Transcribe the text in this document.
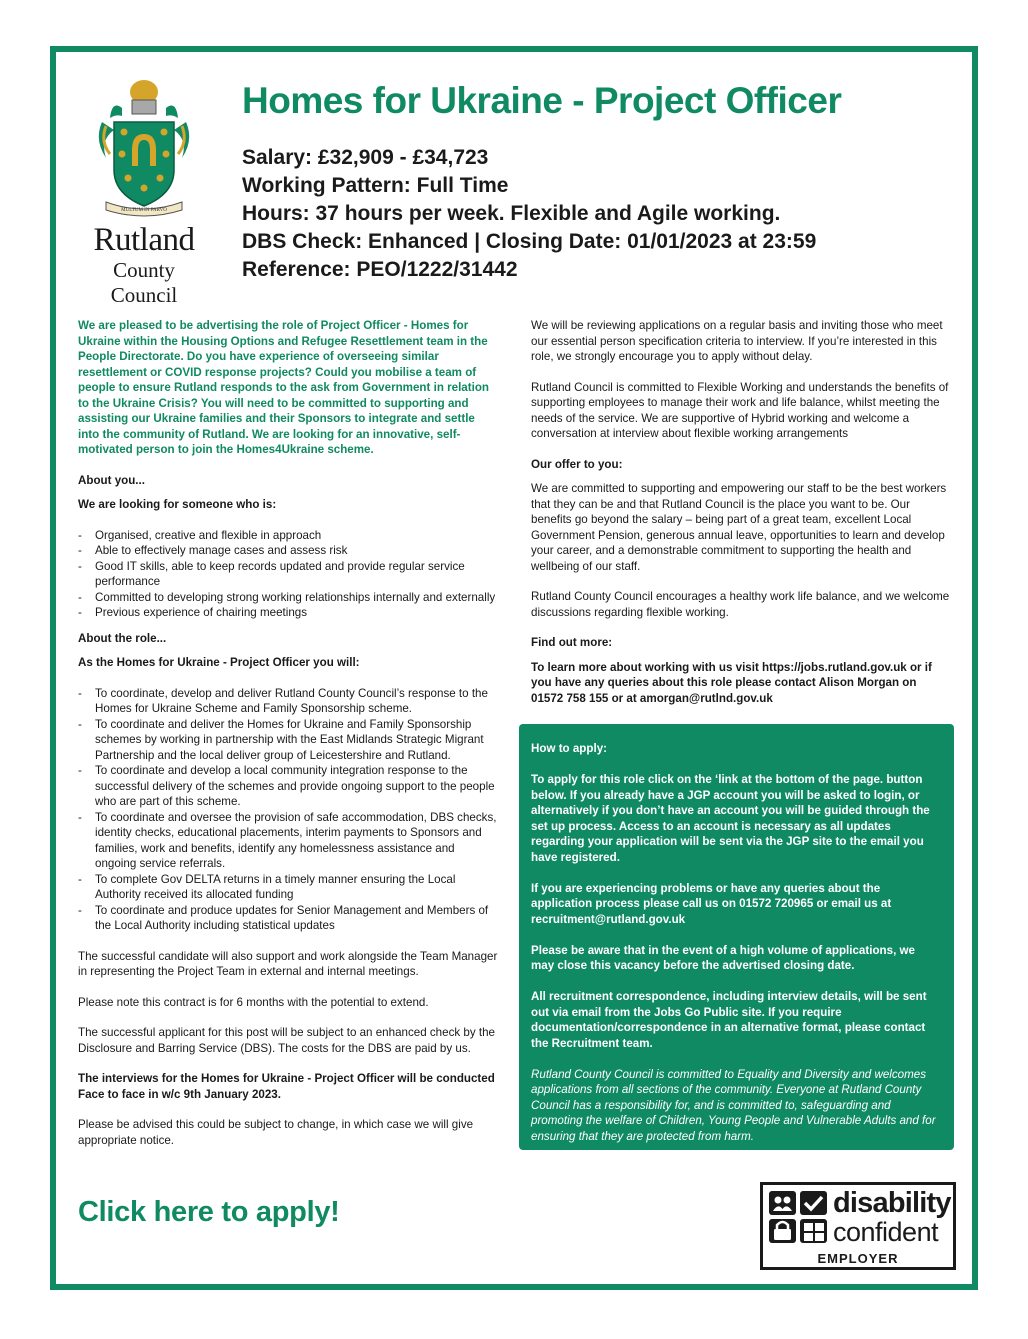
MULTUM IN PARVO
Rutland
County Council
Homes for Ukraine - Project Officer
Salary: £32,909 - £34,723
Working Pattern: Full Time
Hours: 37 hours per week. Flexible and Agile working.
DBS Check: Enhanced | Closing Date: 01/01/2023 at 23:59
Reference: PEO/1222/31442

We are pleased to be advertising the role of Project Officer - Homes for Ukraine within the Housing Options and Refugee Resettlement team in the People Directorate. Do you have experience of overseeing similar resettlement or COVID response projects? Could you mobilise a team of people to ensure Rutland responds to the ask from Government in relation to the Ukraine Crisis? You will need to be committed to supporting and assisting our Ukraine families and their Sponsors to integrate and settle into the community of Rutland. We are looking for an innovative, self-motivated person to join the Homes4Ukraine scheme.

About you...

We are looking for someone who is:

- Organised, creative and flexible in approach
- Able to effectively manage cases and assess risk
- Good IT skills, able to keep records updated and provide regular service performance
- Committed to developing strong working relationships internally and externally
- Previous experience of chairing meetings

About the role...

As the Homes for Ukraine - Project Officer you will:

- To coordinate, develop and deliver Rutland County Council’s response to the Homes for Ukraine Scheme and Family Sponsorship scheme.
- To coordinate and deliver the Homes for Ukraine and Family Sponsorship schemes by working in partnership with the East Midlands Strategic Migrant Partnership and the local deliver group of Leicestershire and Rutland.
- To coordinate and develop a local community integration response to the successful delivery of the schemes and provide ongoing support to the people who are part of this scheme.
- To coordinate and oversee the provision of safe accommodation, DBS checks, identity checks, educational placements, interim payments to Sponsors and families, work and benefits, identify any homelessness assistance and ongoing service referrals.
- To complete Gov DELTA returns in a timely manner ensuring the Local Authority received its allocated funding
- To coordinate and produce updates for Senior Management and Members of the Local Authority including statistical updates

The successful candidate will also support and work alongside the Team Manager in representing the Project Team in external and internal meetings.

Please note this contract is for 6 months with the potential to extend.

The successful applicant for this post will be subject to an enhanced check by the Disclosure and Barring Service (DBS). The costs for the DBS are paid by us.

The interviews for the Homes for Ukraine - Project Officer will be conducted Face to face in w/c 9th January 2023.

Please be advised this could be subject to change, in which case we will give appropriate notice.

We will be reviewing applications on a regular basis and inviting those who meet our essential person specification criteria to interview. If you’re interested in this role, we strongly encourage you to apply without delay.

Rutland Council is committed to Flexible Working and understands the benefits of supporting employees to manage their work and life balance, whilst meeting the needs of the service. We are supportive of Hybrid working and welcome a conversation at interview about flexible working arrangements

Our offer to you:

We are committed to supporting and empowering our staff to be the best workers that they can be and that Rutland Council is the place you want to be. Our benefits go beyond the salary – being part of a great team, excellent Local Government Pension, generous annual leave, opportunities to learn and develop your career, and a demonstrable commitment to supporting the health and wellbeing of our staff.

Rutland County Council encourages a healthy work life balance, and we welcome discussions regarding flexible working.

Find out more:

To learn more about working with us visit https://jobs.rutland.gov.uk or if you have any queries about this role please contact Alison Morgan on 01572 758 155 or at amorgan@rutlnd.gov.uk

How to apply:

To apply for this role click on the ‘link at the bottom of the page. button below. If you already have a JGP account you will be asked to login, or alternatively if you don’t have an account you will be guided through the set up process. Access to an account is necessary as all updates regarding your application will be sent via the JGP site to the email you have registered.

If you are experiencing problems or have any queries about the application process please call us on 01572 720965 or email us at recruitment@rutland.gov.uk

Please be aware that in the event of a high volume of applications, we may close this vacancy before the advertised closing date.

All recruitment correspondence, including interview details, will be sent out via email from the Jobs Go Public site. If you require documentation/correspondence in an alternative format, please contact the Recruitment team.

Rutland County Council is committed to Equality and Diversity and welcomes applications from all sections of the community. Everyone at Rutland County Council has a responsibility for, and is committed to, safeguarding and promoting the welfare of Children, Young People and Vulnerable Adults and for ensuring that they are protected from harm.

Click here to apply!	disability
confident
EMPLOYER
